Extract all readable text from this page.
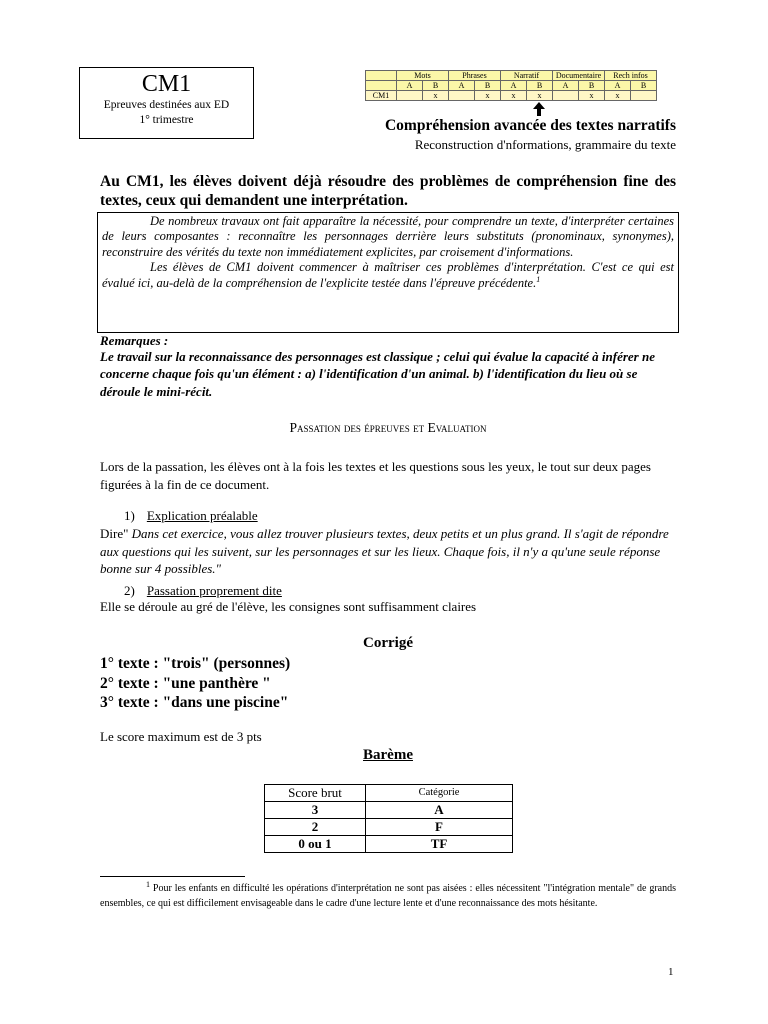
CM1
Epreuves destinées aux ED
1° trimestre
	Mots		Phrases		Narratif		Documentaire		Rech infos	
	A	B	A	B	A	B	A	B	A	B
CM1		x		x	x	x		x	x	
Compréhension avancée des textes narratifs
Reconstruction d'nformations, grammaire du texte
Au CM1, les élèves doivent déjà résoudre des problèmes de compréhension fine des textes, ceux qui demandent une interprétation.

De nombreux travaux ont fait apparaître la nécessité, pour comprendre un texte, d'interpréter certaines de leurs composantes : reconnaître les personnages derrière leurs substituts (pronominaux, synonymes), reconstruire des vérités du texte non immédiatement explicites, par croisement d'informations.

Les élèves de CM1 doivent commencer à maîtriser ces problèmes d'interprétation. C'est ce qui est évalué ici, au-delà de la compréhension de l'explicite testée dans l'épreuve précédente.$^1$

Remarques :
Le travail sur la reconnaissance des personnages est classique ; celui qui évalue la capacité à inférer ne concerne chaque fois qu'un élément : a) l'identification d'un animal. b) l'identification du lieu où se déroule le mini-récit.
Passation des épreuves et Evaluation
Lors de la passation, les élèves ont à la fois les textes et les questions sous les yeux, le tout sur deux pages figurées à la fin de ce document.
1) Explication préalable
Dire" Dans cet exercice, vous allez trouver plusieurs textes, deux petits et un plus grand. Il s'agit de répondre aux questions qui les suivent, sur les personnages et sur les lieux. Chaque fois, il n'y a qu'une seule réponse bonne sur 4 possibles."
2) Passation proprement dite
Elle se déroule au gré de l'élève, les consignes sont suffisamment claires
Corrigé
1° texte : "trois" (personnes)
2° texte : "une panthère "
3° texte : "dans une piscine"
Le score maximum est de 3 pts
Barème
Score brut	Catégorie
3	A
2	F
0 ou 1	TF
$^1$ Pour les enfants en difficulté les opérations d'interprétation ne sont pas aisées : elles nécessitent "l'intégration mentale" de grands ensembles, ce qui est difficilement envisageable dans le cadre d'une lecture lente et d'une reconnaissance des mots hésitante.
1
